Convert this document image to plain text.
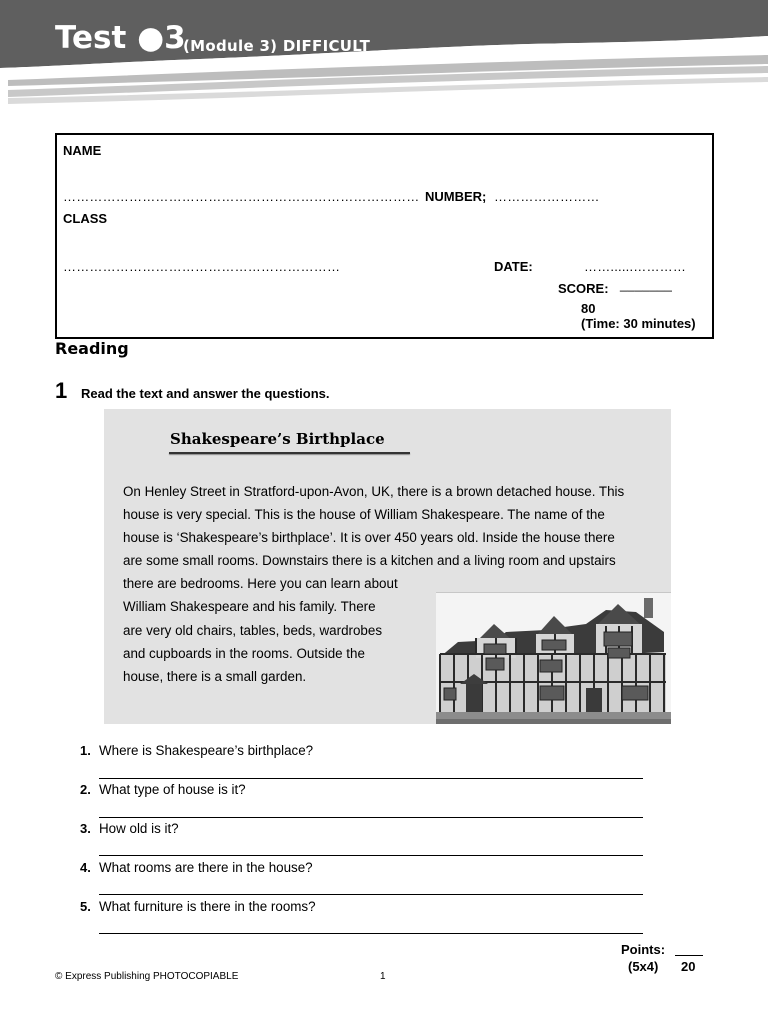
Test ●3
(Module 3) DIFFICULT
NAME
……………………………………………………………………… NUMBER; ……………………
CLASS
………………………………………………………	DATE:	……......…………
SCORE: _______
80
(Time: 30 minutes)
Reading
1 Read the text and answer the questions.
Shakespeare’s Birthplace
On Henley Street in Stratford-upon-Avon, UK, there is a brown detached house. This
house is very special. This is the house of William Shakespeare. The name of the
house is ‘Shakespeare’s birthplace’. It is over 450 years old. Inside the house there
are some small rooms. Downstairs there is a kitchen and a living room and upstairs
there are bedrooms. Here you can learn about
William Shakespeare and his family. There
are very old chairs, tables, beds, wardrobes
and cupboards in the rooms. Outside the
house, there is a small garden.
1. Where is Shakespeare’s birthplace?
2. What type of house is it?
3. How old is it?
4. What rooms are there in the house?
5. What furniture is there in the rooms?
Points:
(5x4) 20
© Express Publishing PHOTOCOPIABLE	1
